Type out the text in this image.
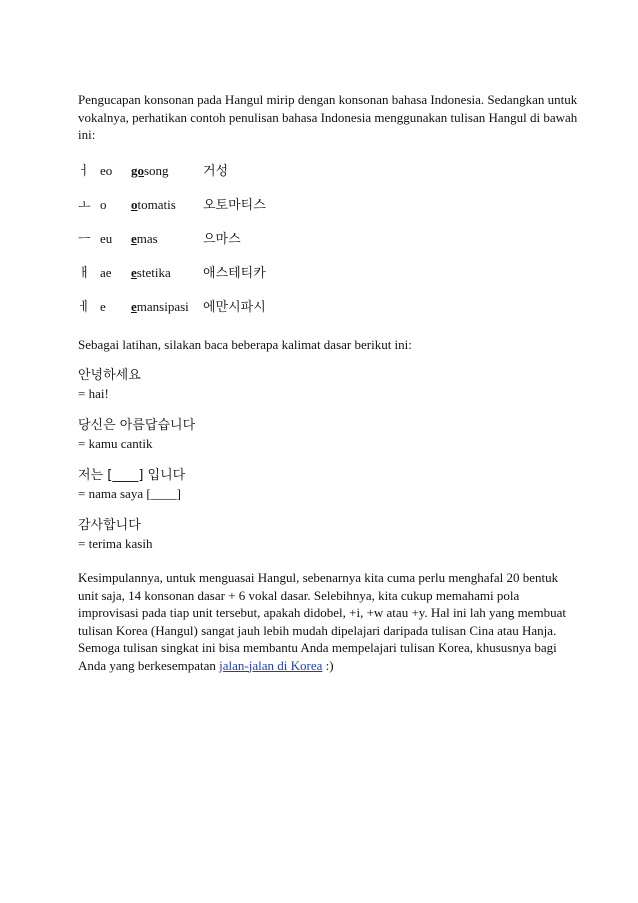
Pengucapan konsonan pada Hangul mirip dengan konsonan bahasa Indonesia. Sedangkan untuk vokalnya, perhatikan contoh penulisan bahasa Indonesia menggunakan tulisan Hangul di bawah ini:

ㅓ eo	gosong	거성
ㅗ o	otomatis	오토마티스
ㅡ eu	emas	으마스
ㅐ ae	estetika	애스테티카
ㅔ e	emansipasi	에만시파시

Sebagai latihan, silakan baca beberapa kalimat dasar berikut ini:

안녕하세요
= hai!
당신은 아름답습니다
= kamu cantik
저는 [____] 입니다
= nama saya [____]
감사합니다
= terima kasih

Kesimpulannya, untuk menguasai Hangul, sebenarnya kita cuma perlu menghafal 20 bentuk unit saja, 14 konsonan dasar + 6 vokal dasar. Selebihnya, kita cukup memahami pola improvisasi pada tiap unit tersebut, apakah didobel, +i, +w atau +y. Hal ini lah yang membuat tulisan Korea (Hangul) sangat jauh lebih mudah dipelajari daripada tulisan Cina atau Hanja. Semoga tulisan singkat ini bisa membantu Anda mempelajari tulisan Korea, khususnya bagi Anda yang berkesempatan jalan-jalan di Korea :)
